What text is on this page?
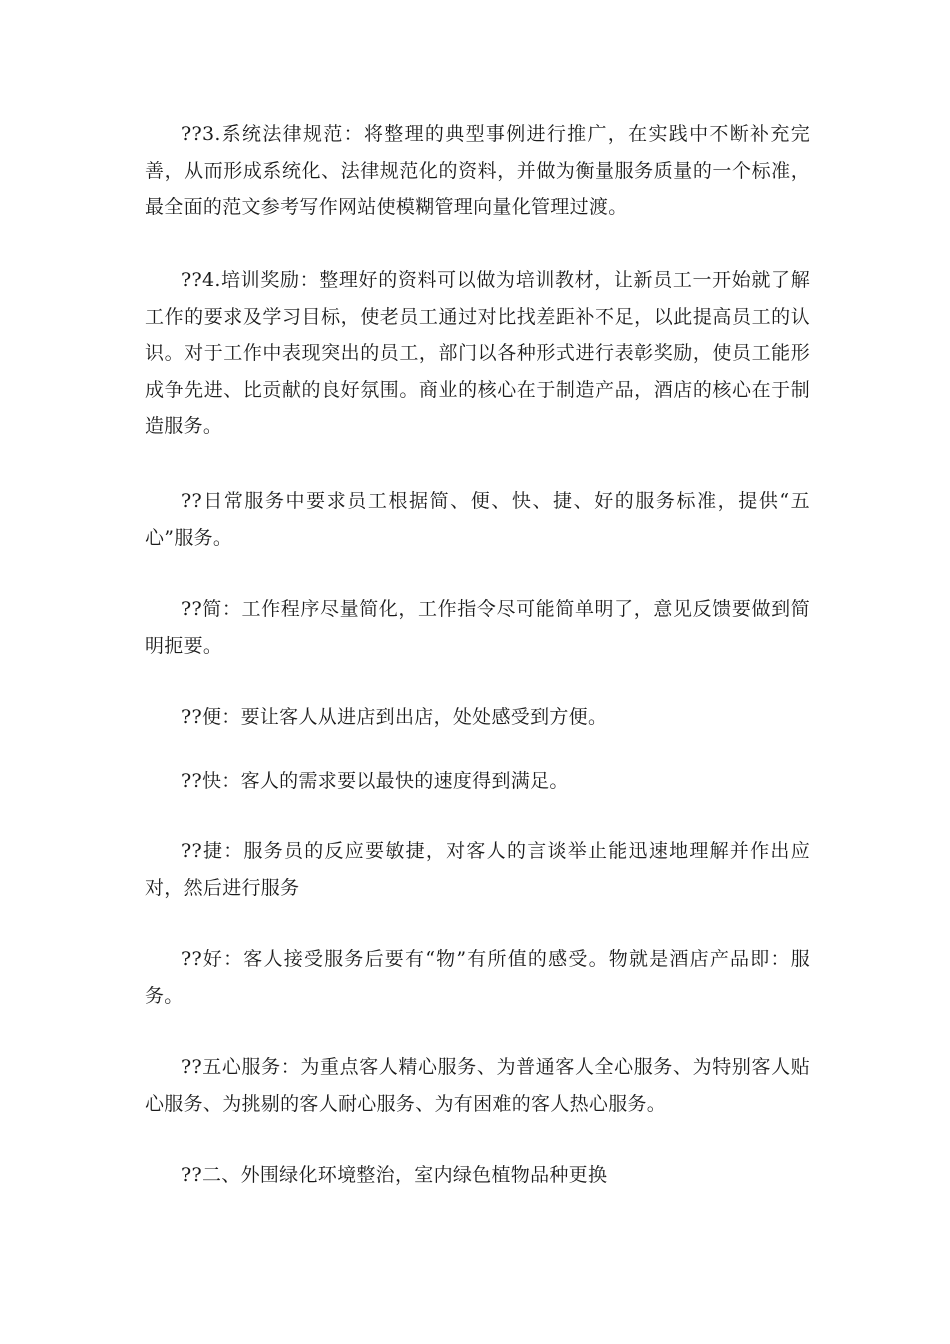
??3.系统法律规范：将整理的典型事例进行推广，在实践中不断补充完善，从而形成系统化、法律规范化的资料，并做为衡量服务质量的一个标准，最全面的范文参考写作网站使模糊管理向量化管理过渡。

??4.培训奖励：整理好的资料可以做为培训教材，让新员工一开始就了解工作的要求及学习目标，使老员工通过对比找差距补不足，以此提高员工的认识。对于工作中表现突出的员工，部门以各种形式进行表彰奖励，使员工能形成争先进、比贡献的良好氛围。商业的核心在于制造产品，酒店的核心在于制造服务。

??日常服务中要求员工根据简、便、快、捷、好的服务标准，提供“五心”服务。

??简：工作程序尽量简化，工作指令尽可能简单明了，意见反馈要做到简明扼要。

??便：要让客人从进店到出店，处处感受到方便。

??快：客人的需求要以最快的速度得到满足。

??捷：服务员的反应要敏捷，对客人的言谈举止能迅速地理解并作出应对，然后进行服务

??好：客人接受服务后要有“物”有所值的感受。物就是酒店产品即：服务。

??五心服务：为重点客人精心服务、为普通客人全心服务、为特别客人贴心服务、为挑剔的客人耐心服务、为有困难的客人热心服务。

??二、外围绿化环境整治，室内绿色植物品种更换
